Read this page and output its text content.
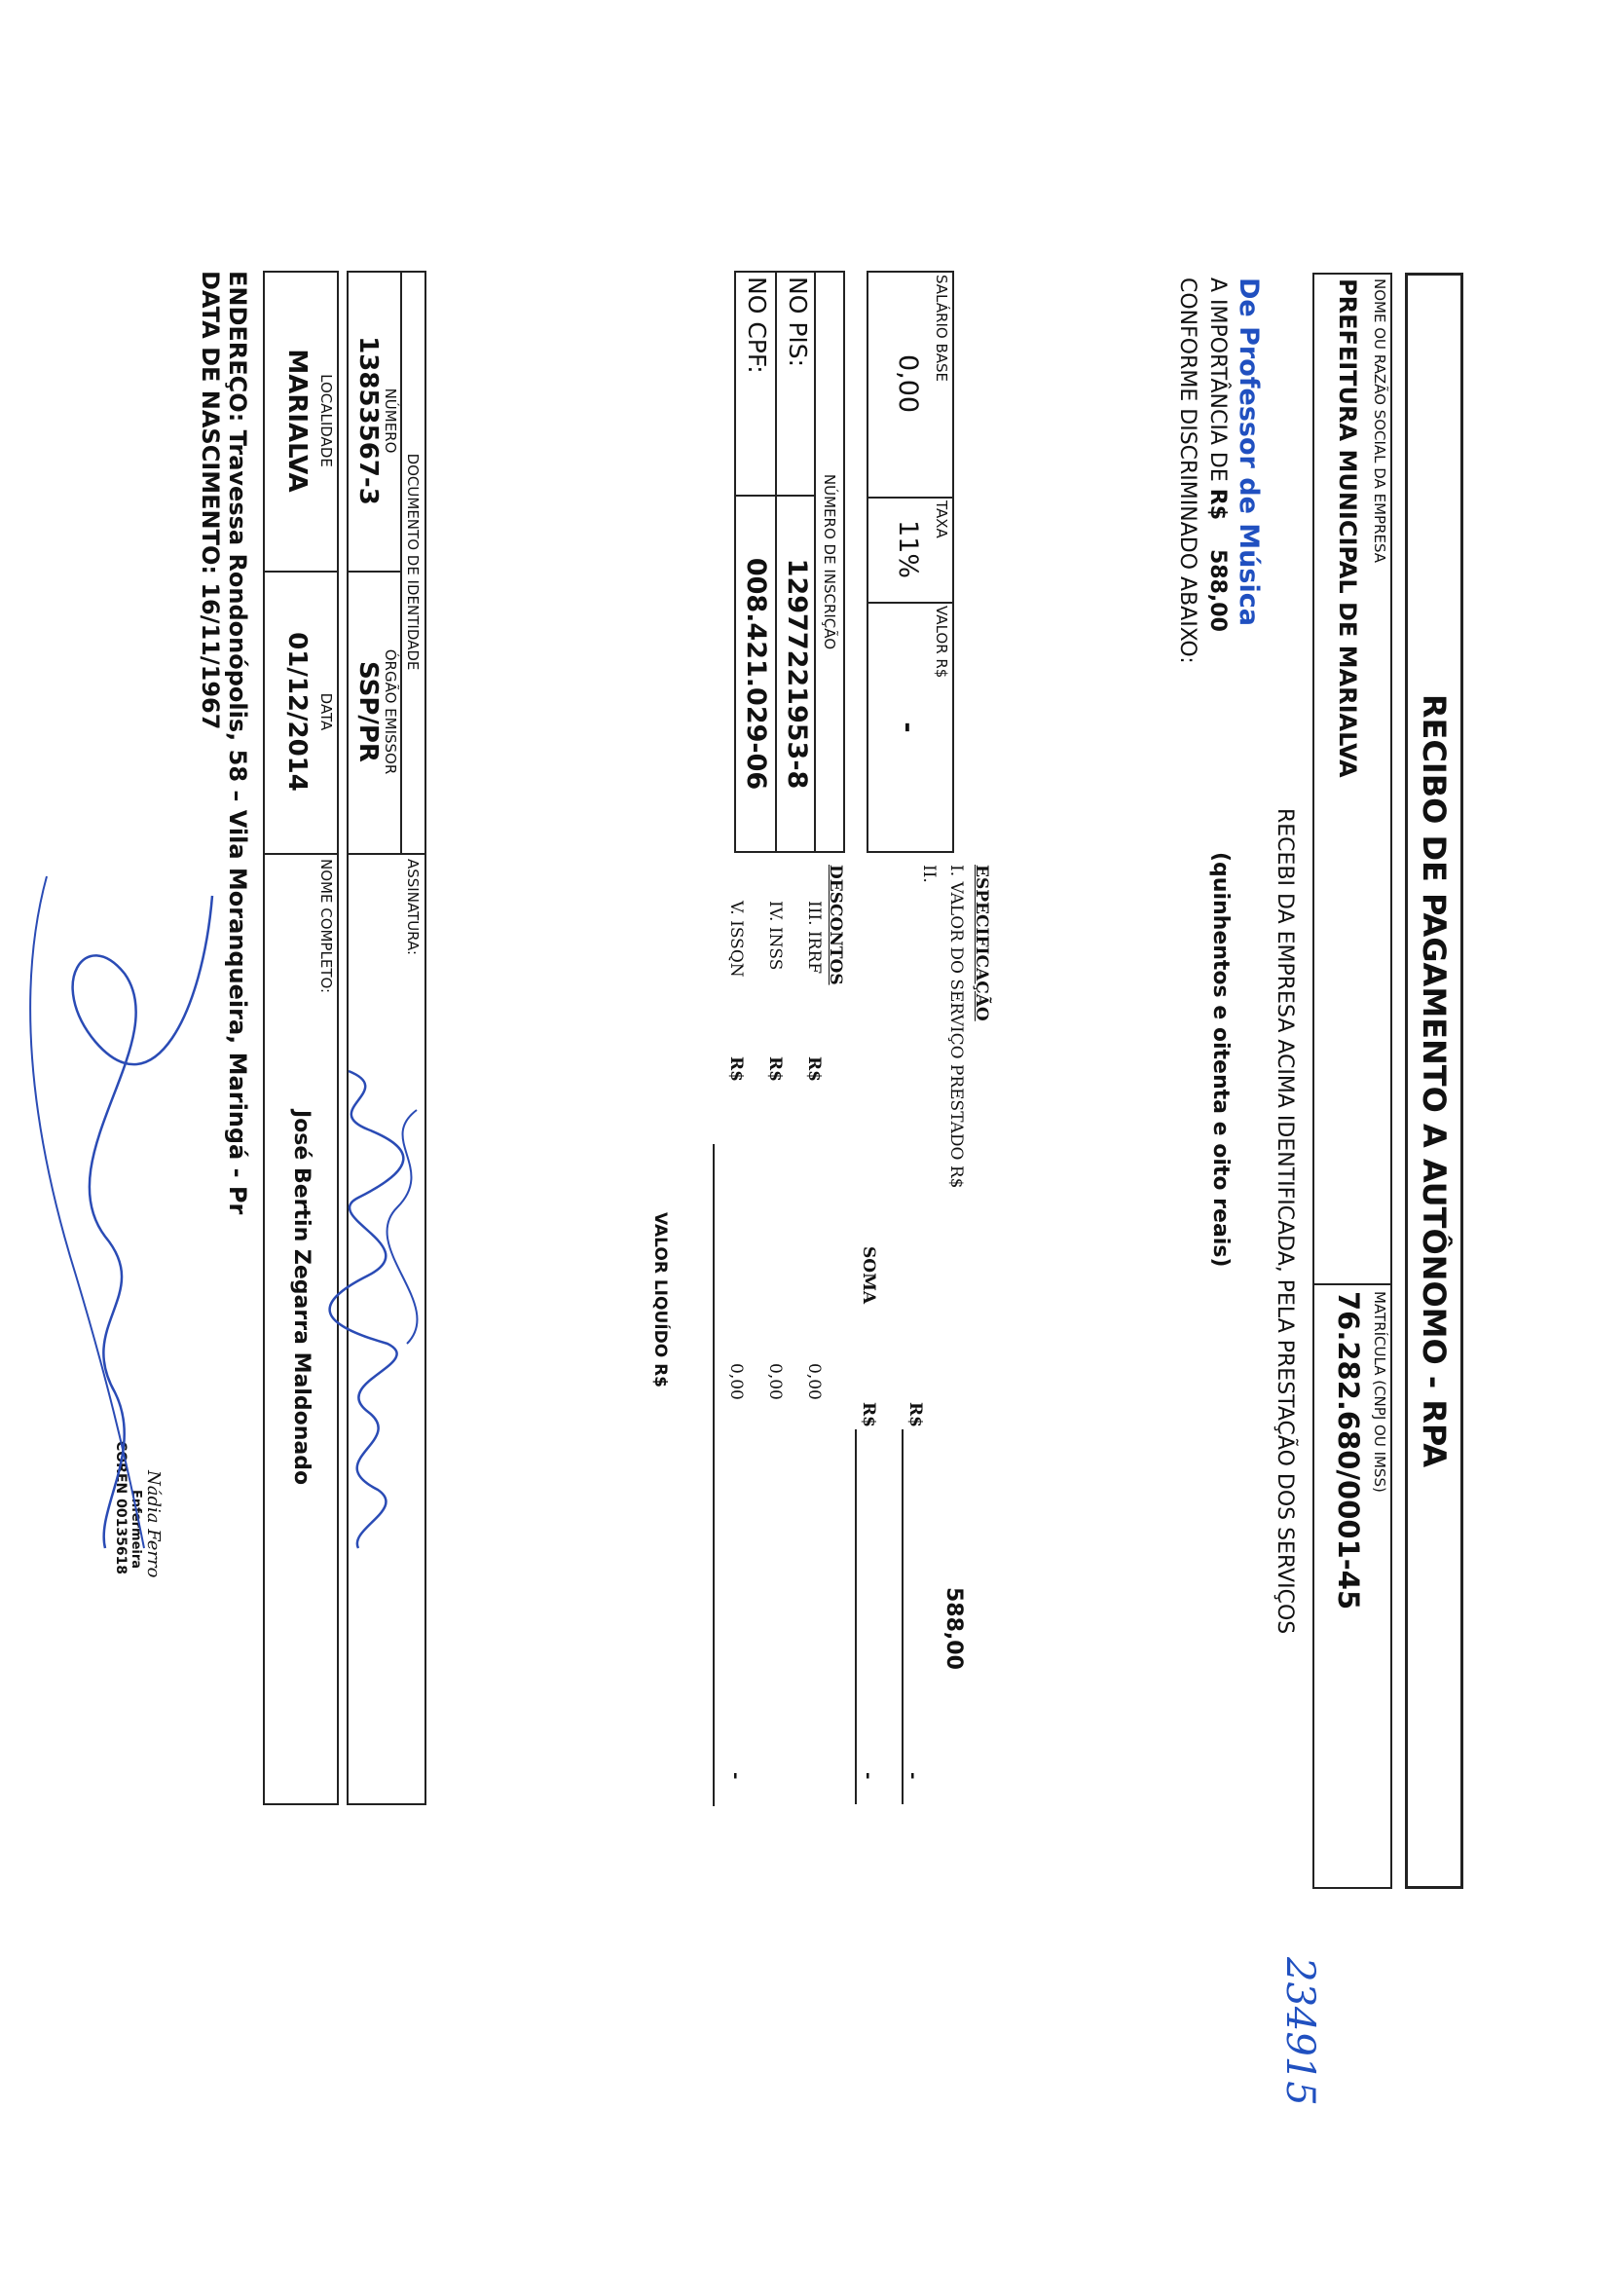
RECIBO DE PAGAMENTO A AUTÔNOMO - RPA
NOME OU RAZÃO SOCIAL DA EMPRESA
PREFEITURA MUNICIPAL DE MARIALVA
MATRÍCULA (CNPJ OU IMSS)
76.282.680/0001-45
RECEBI DA EMPRESA ACIMA IDENTIFICADA, PELA PRESTAÇÃO DOS SERVIÇOS
De Professor de Música
A IMPORTÂNCIA DE R$588,00
(quinhentos e oitenta e oito reais)
CONFORME DISCRIMINADO ABAIXO:
SALÁRIO BASE
0,00
TAXA
11%
VALOR R$
-
NÚMERO DE INSCRIÇÃO
NO PIS:
12977221953-8
NO CPF:
008.421.029-06
DOCUMENTO DE IDENTIDADE
NÚMERO
13853567-3
ÓRGÃO EMISSOR
SSP/PR
ASSINATURA:
LOCALIDADE
MARIALVA
DATA
01/12/2014
NOME COMPLETO:
José Bertin Zegarra Maldonado
ESPECIFICAÇÃO
I. VALOR DO SERVIÇO PRESTADO R$
588,00
II.
R$
-
SOMA
R$
-
DESCONTOS
III. IRRF
R$
0,00
IV. INSS
R$
0,00
V. ISSQN
R$
0,00
-
VALOR LIQUÍDO R$
ENDEREÇO: Travessa Rondonópolis, 58 – Vila Moranqueira, Maringá - Pr
DATA DE NASCIMENTO: 16/11/1967
234915
Nádia Ferro
Enfermeira
COREN 00135618
